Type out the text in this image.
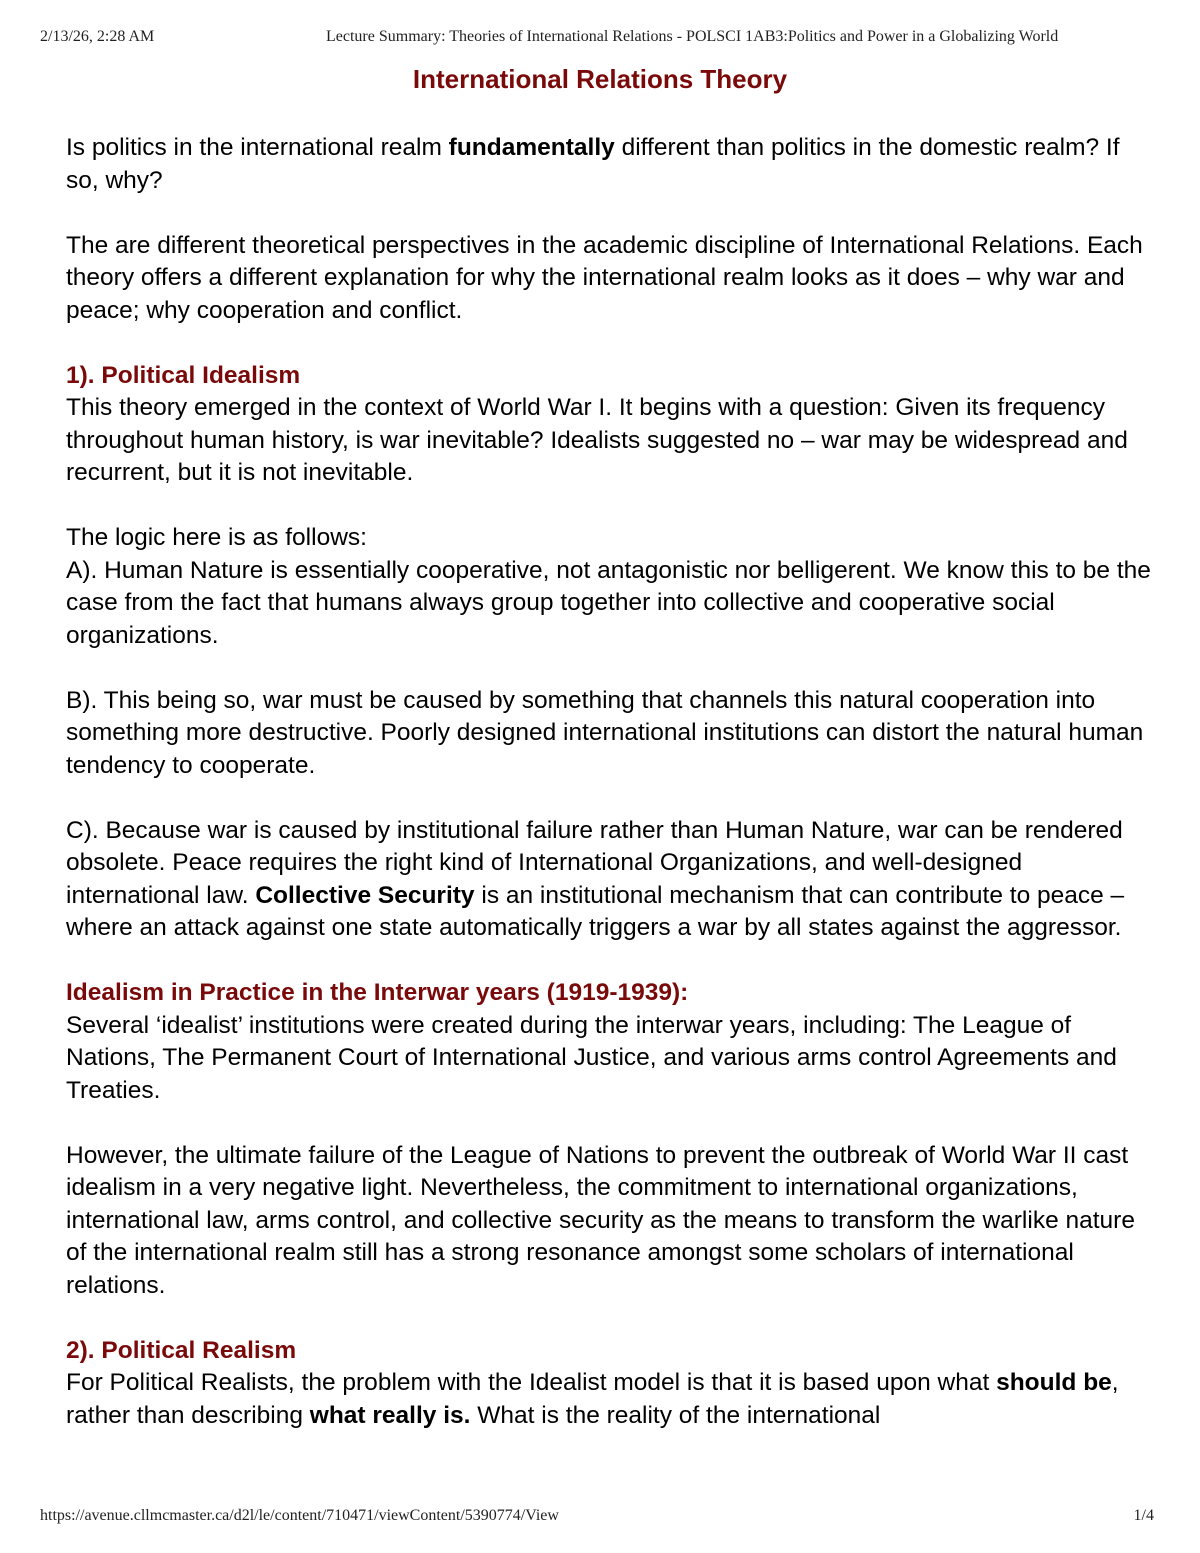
2/13/26, 2:28 AM	Lecture Summary: Theories of International Relations - POLSCI 1AB3:Politics and Power in a Globalizing World
International Relations Theory

Is politics in the international realm fundamentally different than politics in the domestic realm? If so, why?

The are different theoretical perspectives in the academic discipline of International Relations. Each theory offers a different explanation for why the international realm looks as it does – why war and peace; why cooperation and conflict.

1). Political Idealism
This theory emerged in the context of World War I. It begins with a question: Given its frequency throughout human history, is war inevitable? Idealists suggested no – war may be widespread and recurrent, but it is not inevitable.

The logic here is as follows:

A). Human Nature is essentially cooperative, not antagonistic nor belligerent. We know this to be the case from the fact that humans always group together into collective and cooperative social organizations.

B). This being so, war must be caused by something that channels this natural cooperation into something more destructive. Poorly designed international institutions can distort the natural human tendency to cooperate.

C). Because war is caused by institutional failure rather than Human Nature, war can be rendered obsolete. Peace requires the right kind of International Organizations, and well-designed international law. Collective Security is an institutional mechanism that can contribute to peace – where an attack against one state automatically triggers a war by all states against the aggressor.

Idealism in Practice in the Interwar years (1919-1939):
Several ‘idealist’ institutions were created during the interwar years, including: The League of Nations, The Permanent Court of International Justice, and various arms control Agreements and Treaties.

However, the ultimate failure of the League of Nations to prevent the outbreak of World War II cast idealism in a very negative light. Nevertheless, the commitment to international organizations, international law, arms control, and collective security as the means to transform the warlike nature of the international realm still has a strong resonance amongst some scholars of international relations.

2). Political Realism
For Political Realists, the problem with the Idealist model is that it is based upon what should be, rather than describing what really is. What is the reality of the international

https://avenue.cllmcmaster.ca/d2l/le/content/710471/viewContent/5390774/View	1/4
